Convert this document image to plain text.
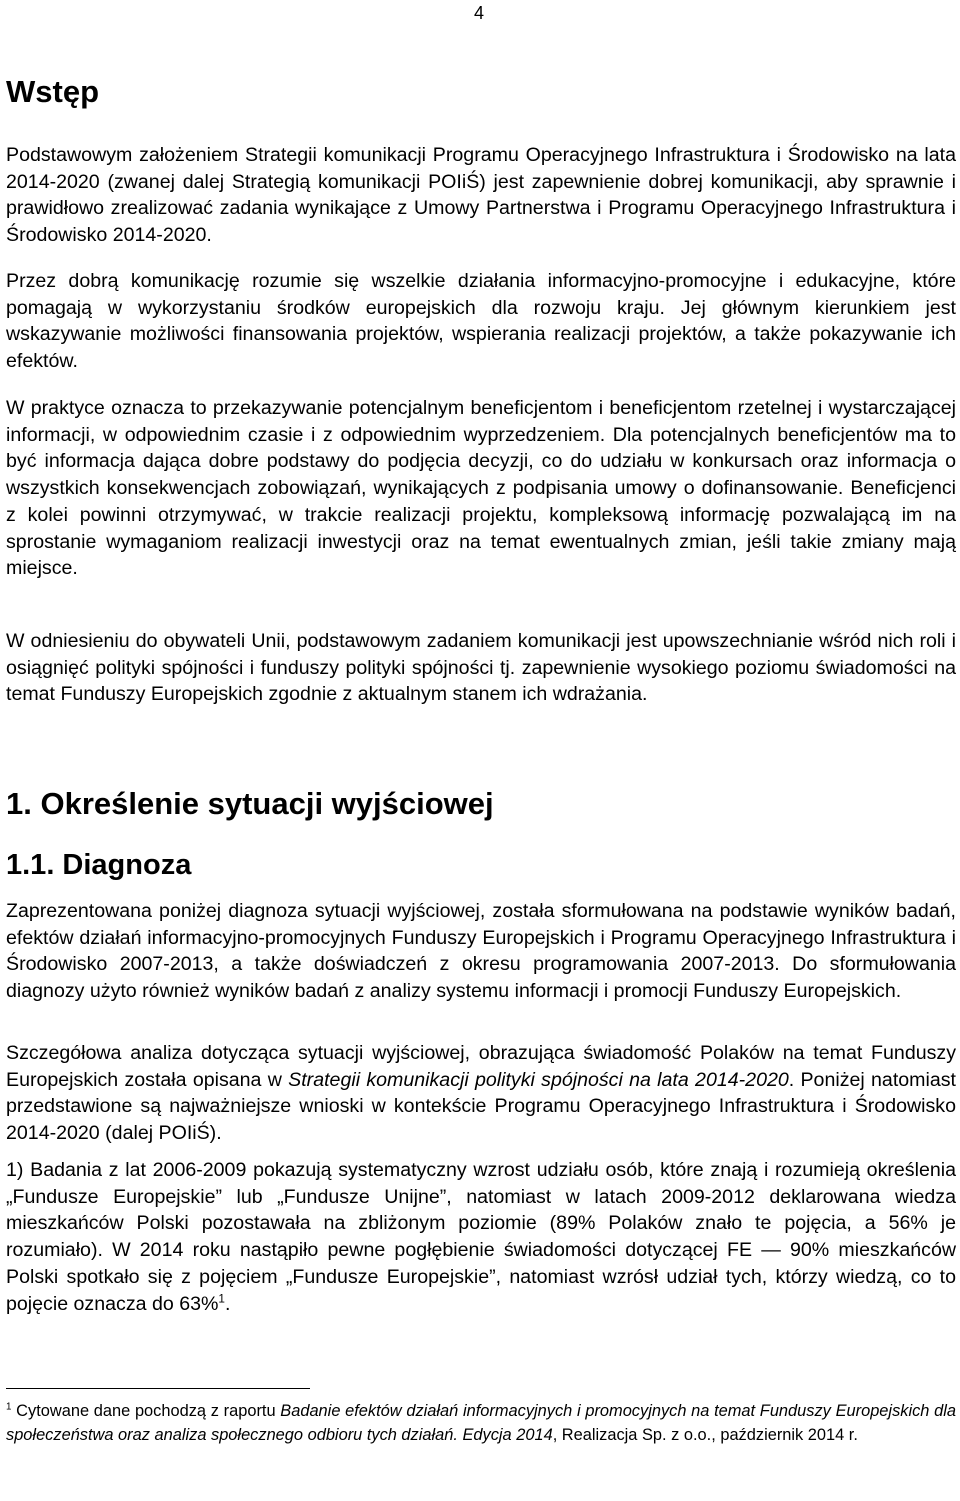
4
Wstęp
Podstawowym założeniem Strategii komunikacji Programu Operacyjnego Infrastruktura i Środowisko na lata 2014-2020 (zwanej dalej Strategią komunikacji POIiŚ) jest zapewnienie dobrej komunikacji, aby sprawnie i prawidłowo zrealizować zadania wynikające z Umowy Partnerstwa i Programu Operacyjnego Infrastruktura i Środowisko 2014-2020.
Przez dobrą komunikację rozumie się wszelkie działania informacyjno-promocyjne i edukacyjne, które pomagają w wykorzystaniu środków europejskich dla rozwoju kraju. Jej głównym kierunkiem jest wskazywanie możliwości finansowania projektów, wspierania realizacji projektów, a także pokazywanie ich efektów.
W praktyce oznacza to przekazywanie potencjalnym beneficjentom i beneficjentom rzetelnej i wystarczającej informacji, w odpowiednim czasie i z odpowiednim wyprzedzeniem. Dla potencjalnych beneficjentów ma to być informacja dająca dobre podstawy do podjęcia decyzji, co do udziału w konkursach oraz informacja o wszystkich konsekwencjach zobowiązań, wynikających z podpisania umowy o dofinansowanie. Beneficjenci z kolei powinni otrzymywać, w trakcie realizacji projektu, kompleksową informację pozwalającą im na sprostanie wymaganiom realizacji inwestycji oraz na temat ewentualnych zmian, jeśli takie zmiany mają miejsce.
W odniesieniu do obywateli Unii, podstawowym zadaniem komunikacji jest upowszechnianie wśród nich roli i osiągnięć polityki spójności i funduszy polityki spójności tj. zapewnienie wysokiego poziomu świadomości na temat Funduszy Europejskich zgodnie z aktualnym stanem ich wdrażania.
1. Określenie sytuacji wyjściowej
1.1. Diagnoza
Zaprezentowana poniżej diagnoza sytuacji wyjściowej, została sformułowana na podstawie wyników badań, efektów działań informacyjno-promocyjnych Funduszy Europejskich i Programu Operacyjnego Infrastruktura i Środowisko 2007-2013, a także doświadczeń z okresu programowania 2007-2013. Do sformułowania diagnozy użyto również wyników badań z analizy systemu informacji i promocji Funduszy Europejskich.
Szczegółowa analiza dotycząca sytuacji wyjściowej, obrazująca świadomość Polaków na temat Funduszy Europejskich została opisana w Strategii komunikacji polityki spójności na lata 2014-2020. Poniżej natomiast przedstawione są najważniejsze wnioski w kontekście Programu Operacyjnego Infrastruktura i Środowisko 2014-2020 (dalej POIiŚ).
1) Badania z lat 2006-2009 pokazują systematyczny wzrost udziału osób, które znają i rozumieją określenia „Fundusze Europejskie” lub „Fundusze Unijne”, natomiast w latach 2009-2012 deklarowana wiedza mieszkańców Polski pozostawała na zbliżonym poziomie (89% Polaków znało te pojęcia, a 56% je rozumiało). W 2014 roku nastąpiło pewne pogłębienie świadomości dotyczącej FE — 90% mieszkańców Polski spotkało się z pojęciem „Fundusze Europejskie”, natomiast wzrósł udział tych, którzy wiedzą, co to pojęcie oznacza do 63%$^1$.
$^1$ Cytowane dane pochodzą z raportu Badanie efektów działań informacyjnych i promocyjnych na temat Funduszy Europejskich dla społeczeństwa oraz analiza społecznego odbioru tych działań. Edycja 2014, Realizacja Sp. z o.o., październik 2014 r.
